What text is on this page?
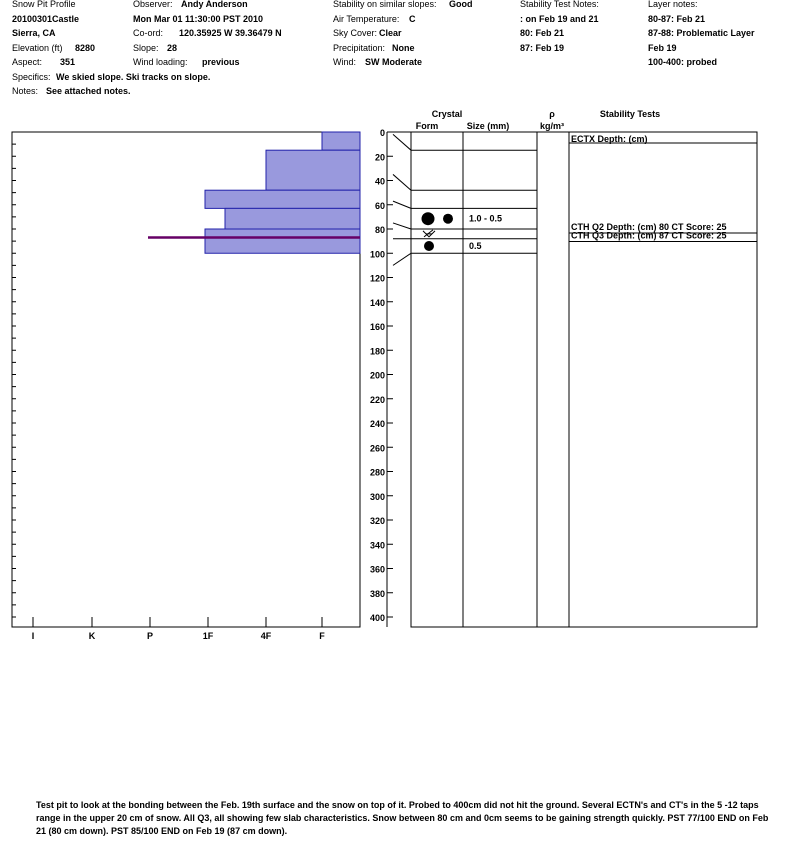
Snow Pit Profile
20100301Castle
Sierra, CA
Elevation (ft) 8280
Aspect: 351
Specifics: We skied slope. Ski tracks on slope.
Notes: See attached notes.
Observer: Andy Anderson
Mon Mar 01 11:30:00 PST 2010
Co-ord: 120.35925 W 39.36479 N
Slope: 28
Wind loading: previous
Stability on similar slopes: Good
Air Temperature: C
Sky Cover: Clear
Precipitation: None
Wind: SW Moderate
Stability Test Notes:
: on Feb 19 and 21
80: Feb 21
87: Feb 19
Layer notes:
80-87: Feb 21
87-88: Problematic Layer
Feb 19
100-400: probed
I	K	P	1F	4F	F
0
20
40
60
80
100
120
140
160
180
200
220
240
260
280
300
320
340
360
380
400
Crystal
Form	Size (mm)
ρ
kg/m³
Stability Tests
1.0 - 0.5
0.5
ECTX Depth: (cm)
CTH Q2 Depth: (cm) 80 CT Score: 25
CTH Q3 Depth: (cm) 87 CT Score: 25
Test pit to look at the bonding between the Feb. 19th surface and the snow on top of it. Probed to 400cm did not hit the ground. Several ECTN's and CT's in the 5 -12 taps range in the upper 20 cm of snow. All Q3, all showing few slab characteristics. Snow between 80 cm and 0cm seems to be gaining strength quickly. PST 77/100 END on Feb 21 (80 cm down). PST 85/100 END on Feb 19 (87 cm down).
